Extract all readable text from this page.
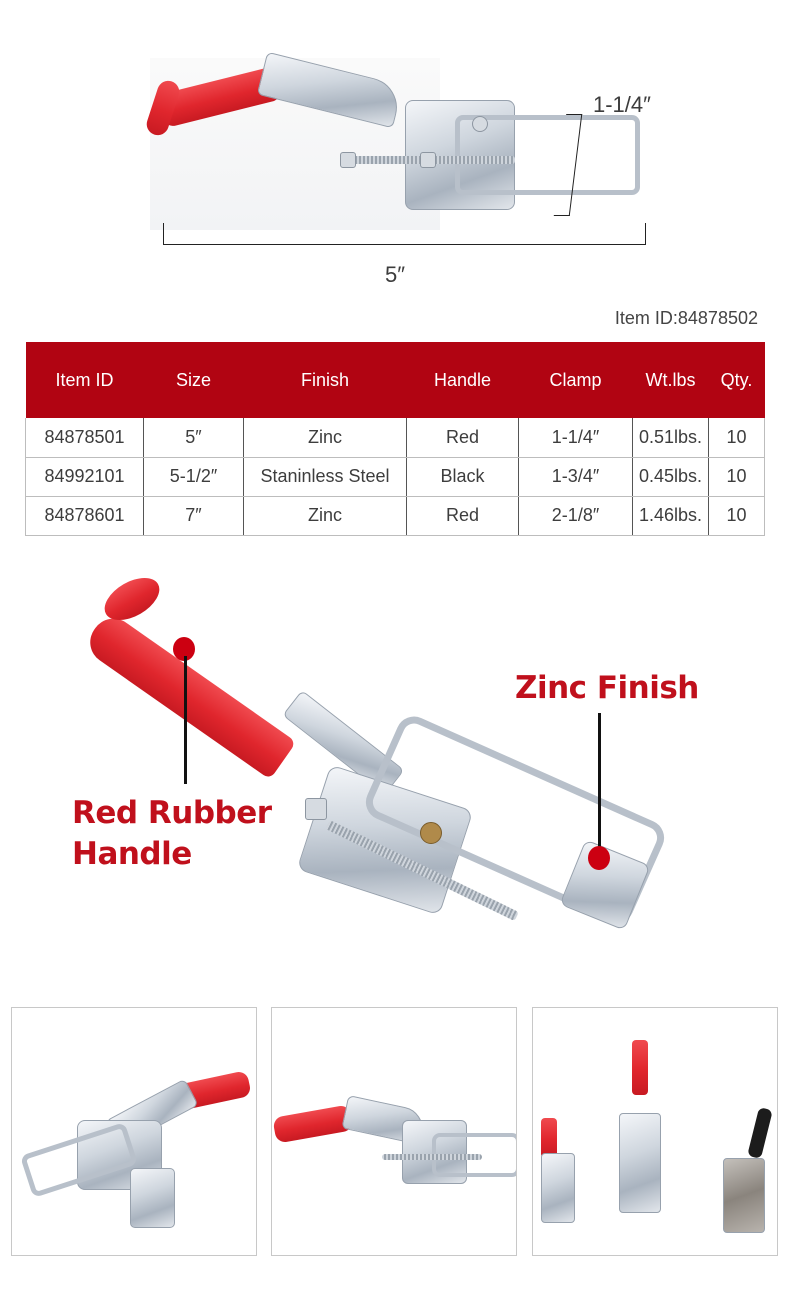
1-1/4″
5″
Item ID:84878502
Item ID	Size	Finish	Handle	Clamp	Wt.lbs	Qty.
84878501	5″	Zinc	Red	1-1/4″	0.51lbs.	10
84992101	5-1/2″	Staninless Steel	Black	1-3/4″	0.45lbs.	10
84878601	7″	Zinc	Red	2-1/8″	1.46lbs.	10
Red Rubber
Handle
Zinc Finish
